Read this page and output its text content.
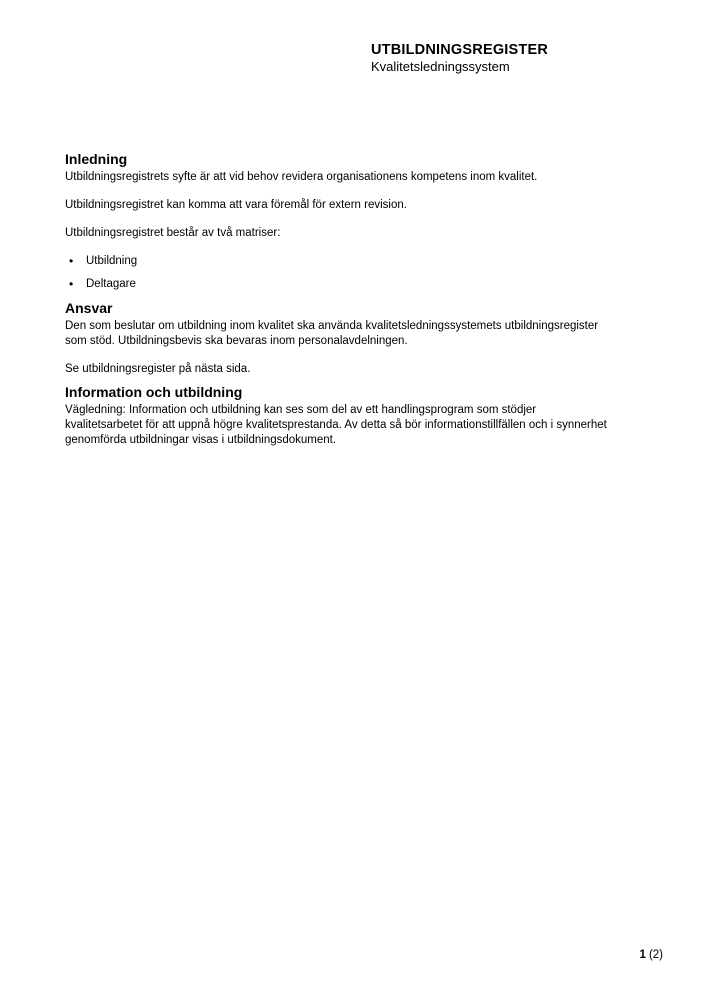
UTBILDNINGSREGISTER
Kvalitetsledningssystem
Inledning

Utbildningsregistrets syfte är att vid behov revidera organisationens kompetens inom kvalitet.

Utbildningsregistret kan komma att vara föremål för extern revision.

Utbildningsregistret består av två matriser:

• Utbildning
• Deltagare
Ansvar

Den som beslutar om utbildning inom kvalitet ska använda kvalitetsledningssystemets utbildningsregister som stöd. Utbildningsbevis ska bevaras inom personalavdelningen.

Se utbildningsregister på nästa sida.

Information och utbildning

Vägledning: Information och utbildning kan ses som del av ett handlingsprogram som stödjer kvalitetsarbetet för att uppnå högre kvalitetsprestanda. Av detta så bör informationstillfällen och i synnerhet genomförda utbildningar visas i utbildningsdokument.

1 (2)
